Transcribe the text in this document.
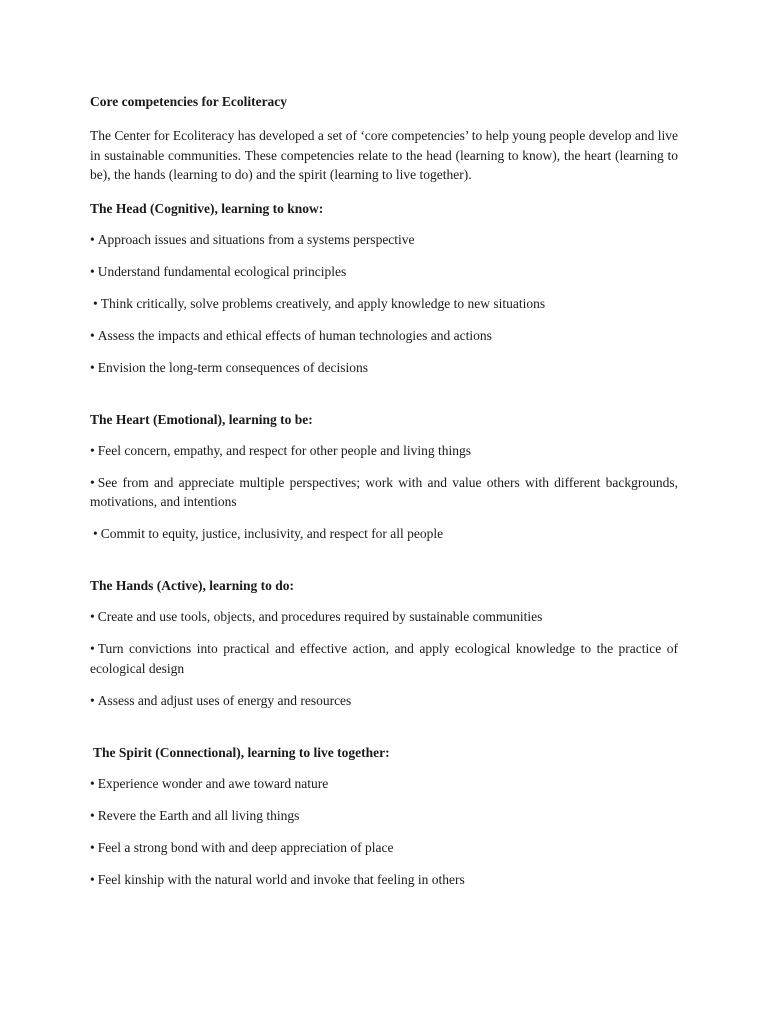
Core competencies for Ecoliteracy
The Center for Ecoliteracy has developed a set of ‘core competencies’ to help young people develop and live in sustainable communities. These competencies relate to the head (learning to know), the heart (learning to be), the hands (learning to do) and the spirit (learning to live together).
The Head (Cognitive), learning to know:
• Approach issues and situations from a systems perspective
• Understand fundamental ecological principles
• Think critically, solve problems creatively, and apply knowledge to new situations
• Assess the impacts and ethical effects of human technologies and actions
• Envision the long-term consequences of decisions
The Heart (Emotional), learning to be:
• Feel concern, empathy, and respect for other people and living things
• See from and appreciate multiple perspectives; work with and value others with different backgrounds, motivations, and intentions
• Commit to equity, justice, inclusivity, and respect for all people
The Hands (Active), learning to do:
• Create and use tools, objects, and procedures required by sustainable communities
• Turn convictions into practical and effective action, and apply ecological knowledge to the practice of ecological design
• Assess and adjust uses of energy and resources
The Spirit (Connectional), learning to live together:
• Experience wonder and awe toward nature
• Revere the Earth and all living things
• Feel a strong bond with and deep appreciation of place
• Feel kinship with the natural world and invoke that feeling in others
